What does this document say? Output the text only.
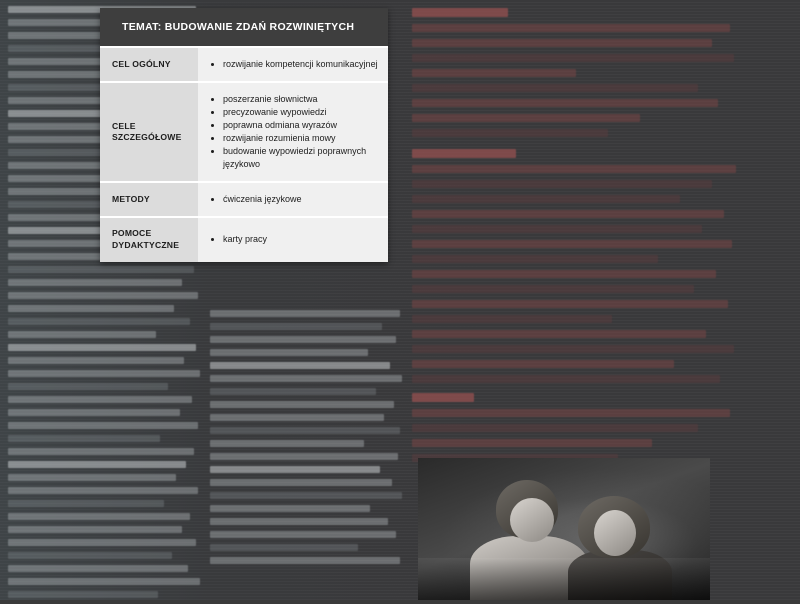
TEMAT: BUDOWANIE ZDAŃ ROZWINIĘTYCH
CEL OGÓLNY	• rozwijanie kompetencji komunikacyjnej
CELE SZCZEGÓŁOWE
• poszerzanie słownictwa
• precyzowanie wypowiedzi
• poprawna odmiana wyrazów
• rozwijanie rozumienia mowy
• budowanie wypowiedzi poprawnych językowo
METODY	• ćwiczenia językowe
POMOCE DYDAKTYCZNE
• karty pracy
